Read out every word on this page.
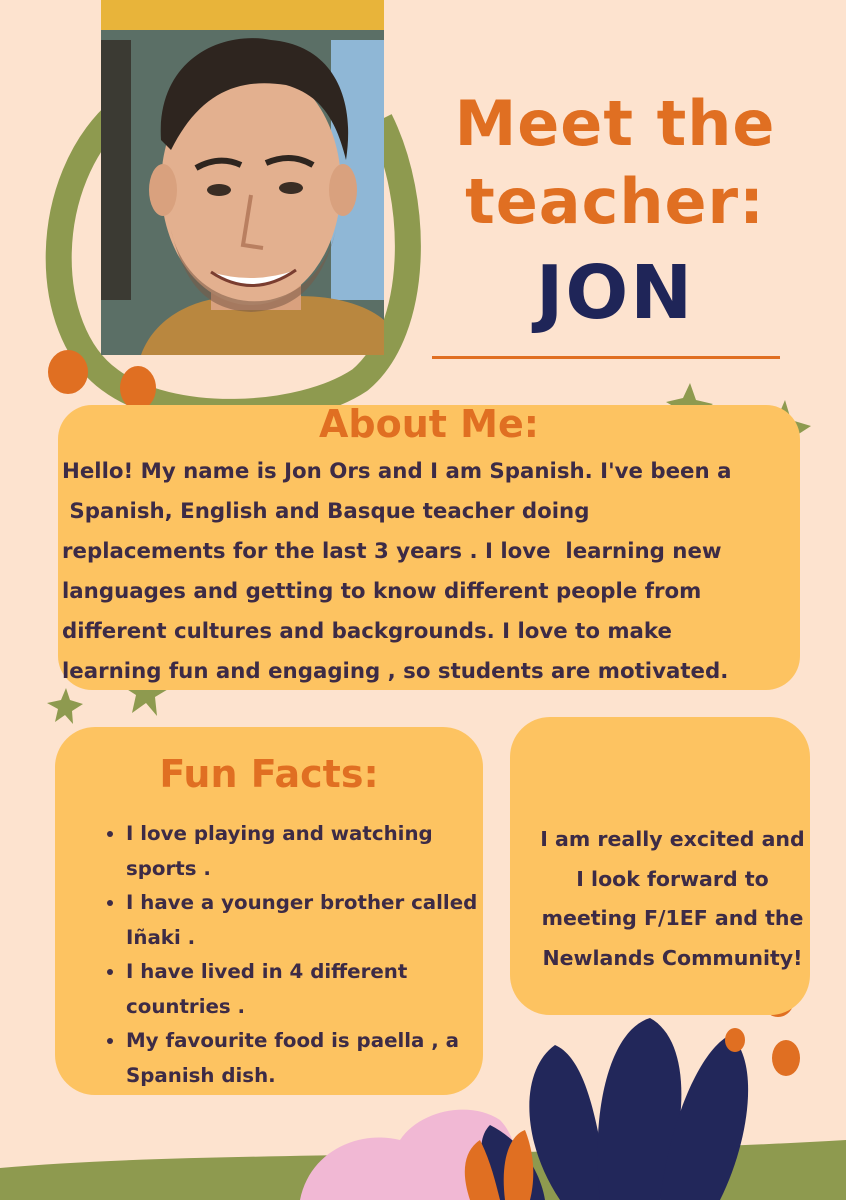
Meet the teacher:
JON
About Me:
Hello! My name is Jon Ors and I am Spanish. I've been a
Spanish, English and Basque teacher doing
replacements for the last 3 years . I love  learning new
languages and getting to know different people from
different cultures and backgrounds. I love to make
learning fun and engaging , so students are motivated.
Fun Facts:
• I love playing and watching sports .
• I have a younger brother called Iñaki .
• I have lived in 4 different countries .
• My favourite food is paella , a Spanish dish.
I am really excited and
I look forward to
meeting F/1EF and the
Newlands Community!
